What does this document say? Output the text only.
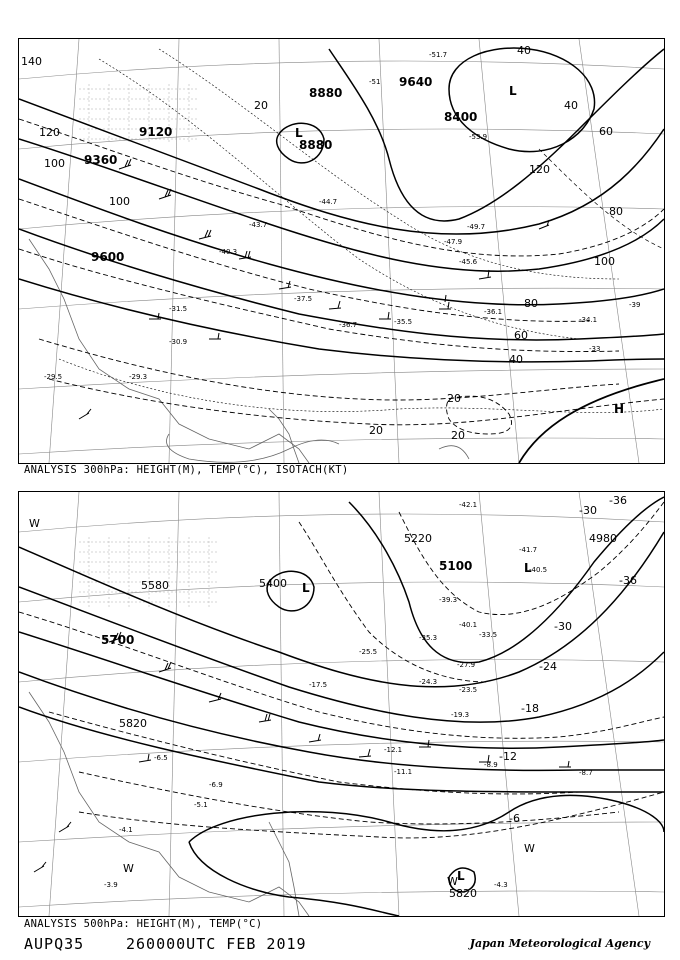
9640
8880
8400
8880
9120
9360
9600
140
120
100
100
80
60
40
20
20	20
120
100
80
60
40
40
20
-51
-51.7
-53.9
-49.7
-47.9
-45.6
-44.7
-43.7
-40.3
-37.5
-36.7	-35.5	-34.1
-33
-31.5
-30.9
-29.3
-29.5
-36.1
-39
L
L
H
ANALYSIS 300hPa: HEIGHT(M), TEMP(°C), ISOTACH(KT)
5220
5100
4980
5580	5400
5700
5820
5820
-36
-30
-30
-24
-18
-12
-6
-36
-42.1
-41.7
-40.5
-40.1
-39.3
-35.3	-33.5
-27.9
-25.5
-24.3
-23.5
-19.3
-17.5
-12.1
-11.1
-8.9
-8.7
-6.5
-4.3
-3.9
-4.1
-5.1
-6.9
L
L
L
W
W
W
W
ANALYSIS 500hPa: HEIGHT(M), TEMP(°C)
AUPQ35	260000UTC FEB 2019	Japan Meteorological Agency
